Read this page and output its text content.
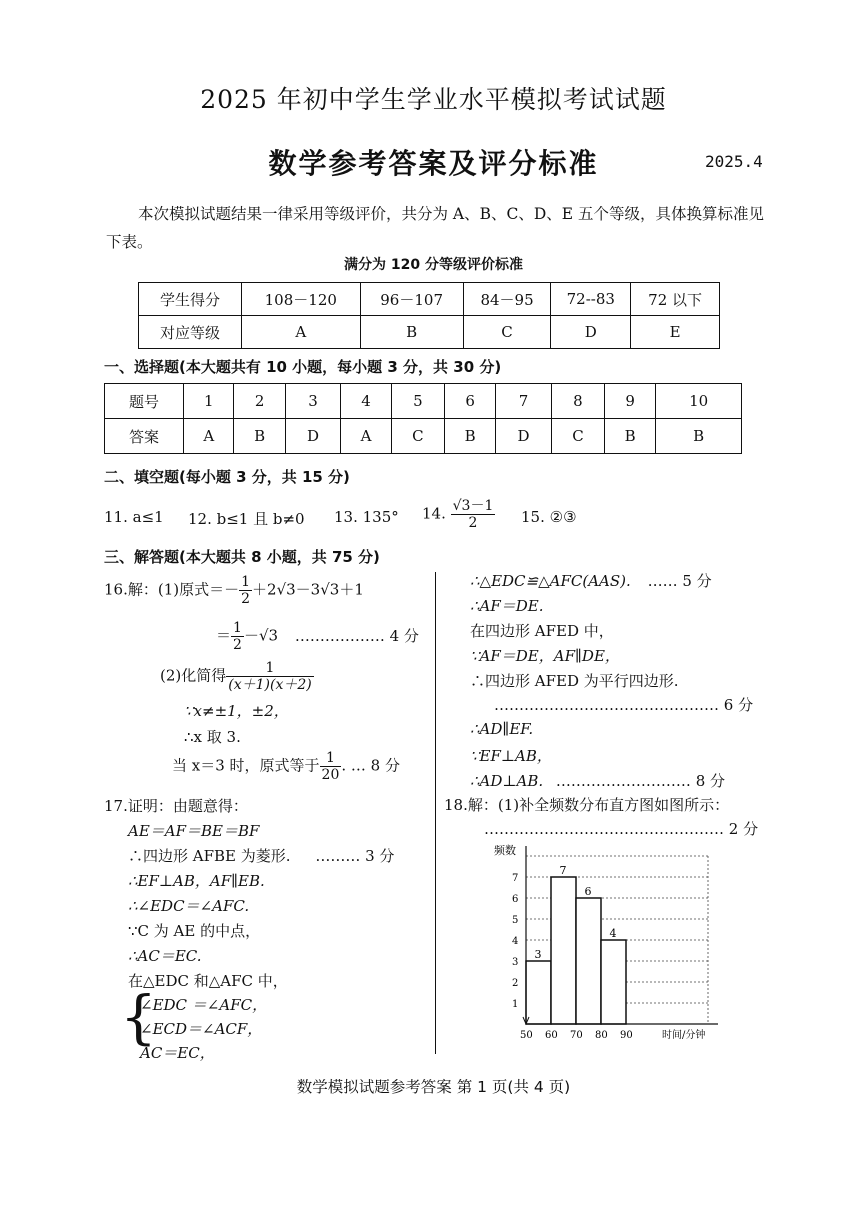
2025 年初中学生学业水平模拟考试试题
数学参考答案及评分标准	2025.4
本次模拟试题结果一律采用等级评价，共分为 A、B、C、D、E 五个等级，具体换算标准见下表。
满分为 120 分等级评价标准
学生得分	108－120	96－107	84－95	72--83	72 以下
对应等级	A	B	C	D	E
一、选择题(本大题共有 10 小题，每小题 3 分，共 30 分)
题号	1	2	3	4	5	6	7	8	9	10
答案	A	B	D	A	C	B	D	C	B	B
二、填空题(每小题 3 分，共 15 分)
11. a≤1 12. b≤1 且 b≠0 13. 135° 14. $\frac{√3-1}{2} 15$. ②③
三、解答题(本大题共 8 小题，共 75 分)
16.解：(1)原式＝－ $\frac{1}{2} +2√3-3√3+1$
＝ $\frac{1}{2} -√3$ ……………… 4 分
(2)化简得 $\frac{1}{(x+1)(x+2)}$
∵x≠±1，±2，
∴x 取 3.
当 x＝3 时，原式等于 $\frac{1}{20}$ . … 8 分
17.证明：由题意得：
AE＝AF＝BE＝BF
∴四边形 AFBE 为菱形. ……… 3 分
∴EF⊥AB，AF∥EB.
∴∠EDC＝∠AFC.
∵C 为 AE 的中点，
∴AC＝EC.
在△EDC 和△AFC 中，
{
∠EDC ＝∠AFC，
∠ECD＝∠ACF，
AC＝EC，
∴△EDC≌△AFC(AAS). …… 5 分
∴AF＝DE.
在四边形 AFED 中，
∵AF＝DE，AF∥DE，
∴四边形 AFED 为平行四边形.
……………………………………… 6 分
∴AD∥EF.
∵EF⊥AB，
∴AD⊥AB. ……………………… 8 分
18.解：(1)补全频数分布直方图如图所示：
………………………………………… 2 分
频数
时间/分钟
3
7
6
4
1
2
3
4
5
6
7
50 60 70 80 90
数学模拟试题参考答案 第 1 页(共 4 页)
